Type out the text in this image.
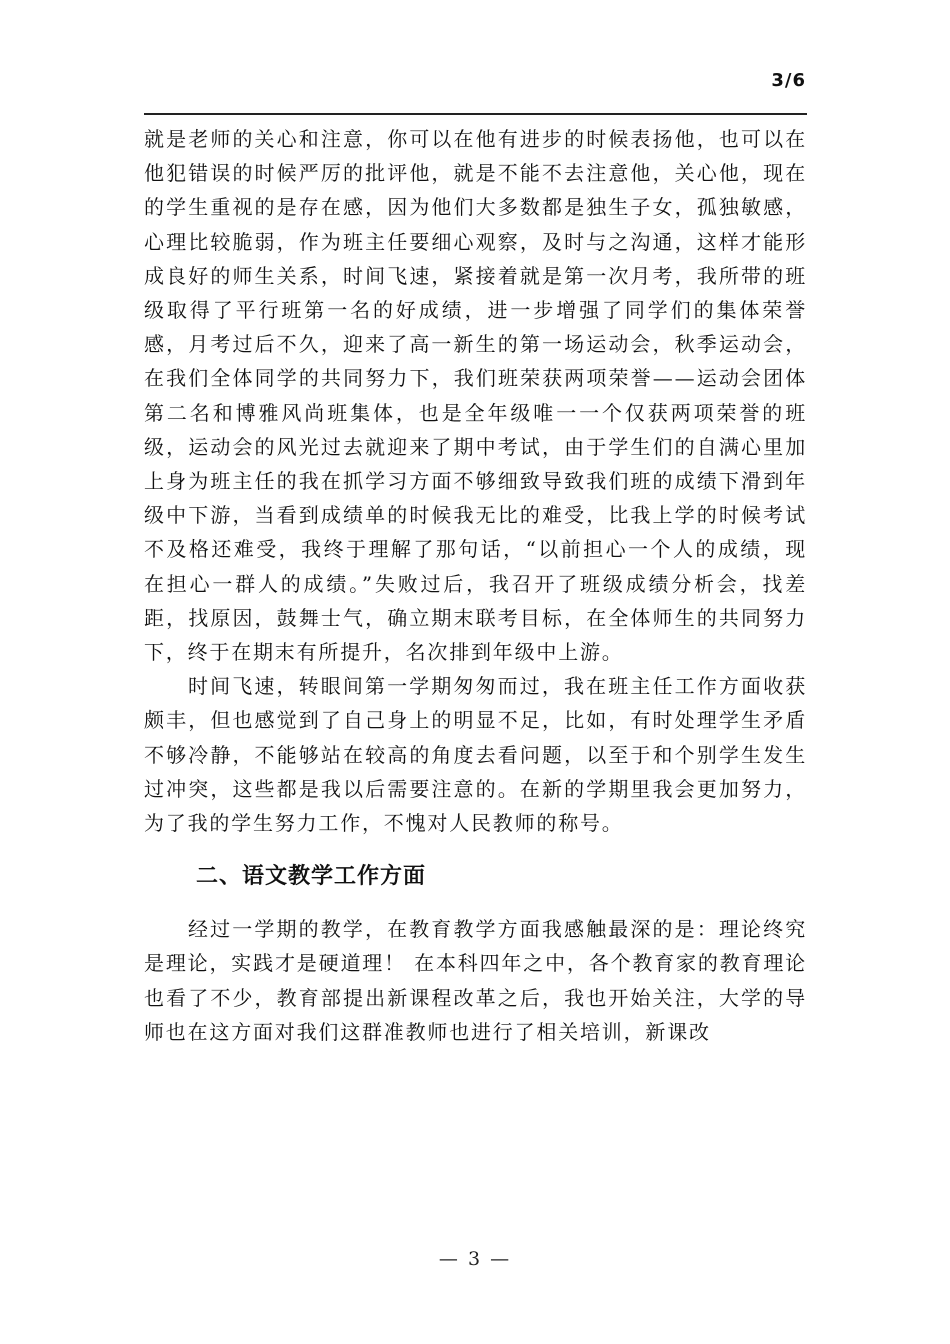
3/6

就是老师的关心和注意，你可以在他有进步的时候表扬他，也可以在他犯错误的时候严厉的批评他，就是不能不去注意他，关心他，现在的学生重视的是存在感，因为他们大多数都是独生子女，孤独敏感，心理比较脆弱，作为班主任要细心观察，及时与之沟通，这样才能形成良好的师生关系，时间飞速，紧接着就是第一次月考，我所带的班级取得了平行班第一名的好成绩，进一步增强了同学们的集体荣誉感，月考过后不久，迎来了高一新生的第一场运动会，秋季运动会，在我们全体同学的共同努力下，我们班荣获两项荣誉——运动会团体第二名和博雅风尚班集体，也是全年级唯一一个仅获两项荣誉的班级，运动会的风光过去就迎来了期中考试，由于学生们的自满心里加上身为班主任的我在抓学习方面不够细致导致我们班的成绩下滑到年级中下游，当看到成绩单的时候我无比的难受，比我上学的时候考试不及格还难受，我终于理解了那句话，“以前担心一个人的成绩，现在担心一群人的成绩。”失败过后，我召开了班级成绩分析会，找差距，找原因，鼓舞士气，确立期末联考目标，在全体师生的共同努力下，终于在期末有所提升，名次排到年级中上游。

时间飞速，转眼间第一学期匆匆而过，我在班主任工作方面收获颇丰，但也感觉到了自己身上的明显不足，比如，有时处理学生矛盾不够冷静，不能够站在较高的角度去看问题，以至于和个别学生发生过冲突，这些都是我以后需要注意的。在新的学期里我会更加努力，为了我的学生努力工作，不愧对人民教师的称号。

二、语文教学工作方面

经过一学期的教学，在教育教学方面我感触最深的是：理论终究是理论，实践才是硬道理！ 在本科四年之中，各个教育家的教育理论也看了不少，教育部提出新课程改革之后，我也开始关注，大学的导师也在这方面对我们这群准教师也进行了相关培训，新课改

— 3 —
